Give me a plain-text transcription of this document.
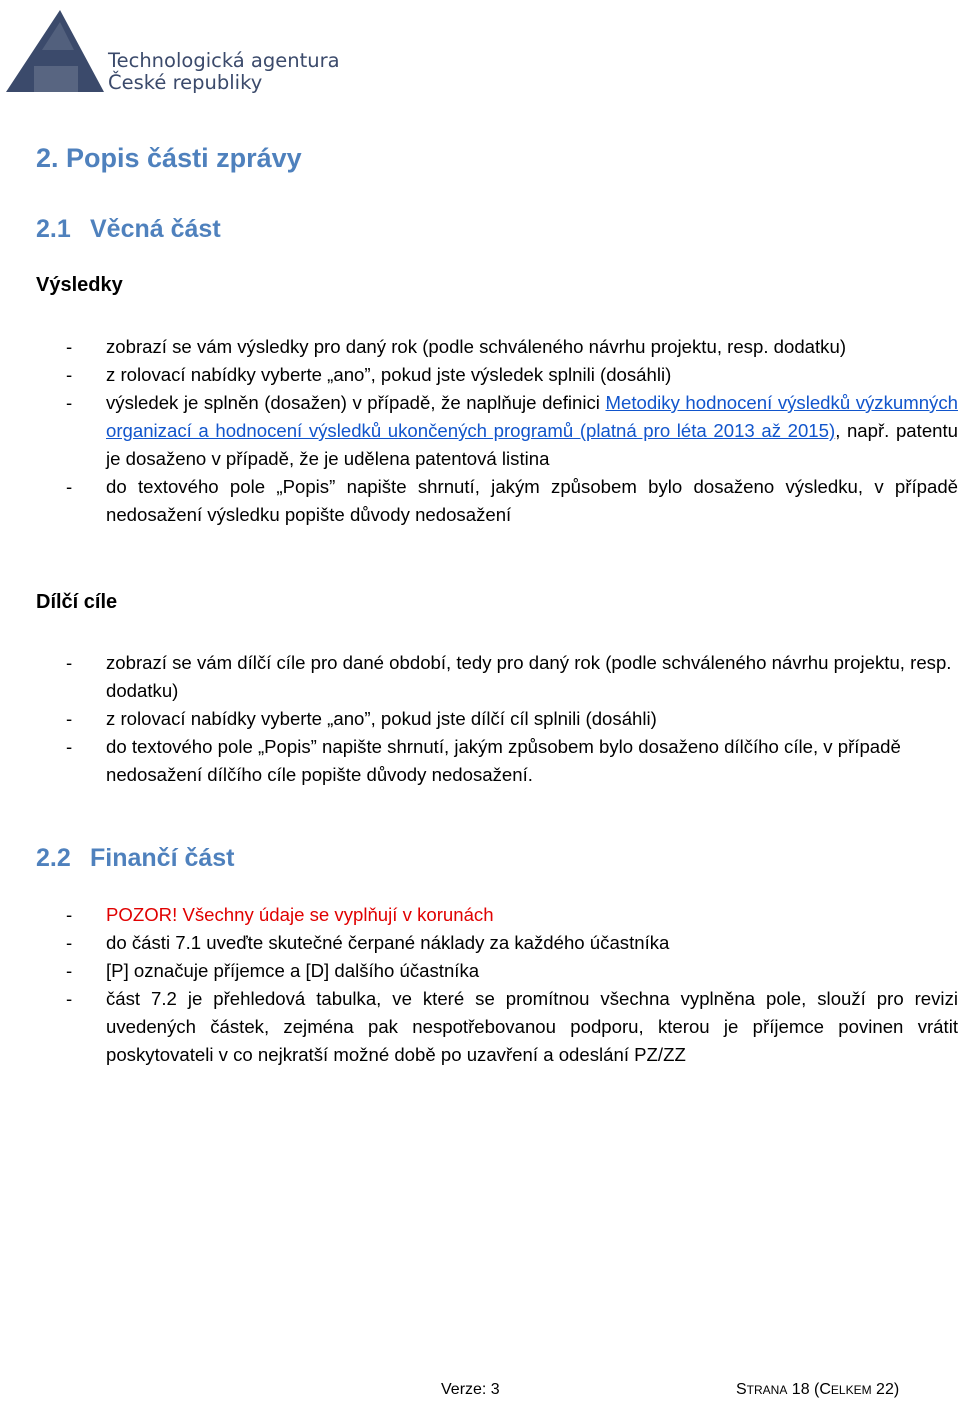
Technologická agentura
České republiky
2. Popis části zprávy
2.1 Věcná část
Výsledky
- zobrazí se vám výsledky pro daný rok (podle schváleného návrhu projektu, resp. dodatku)
- z rolovací nabídky vyberte „ano”, pokud jste výsledek splnili (dosáhli)
- výsledek je splněn (dosažen) v případě, že naplňuje definici Metodiky hodnocení výsledků výzkumných organizací a hodnocení výsledků ukončených programů (platná pro léta 2013 až 2015), např. patentu je dosaženo v případě, že je udělena patentová listina
- do textového pole „Popis” napište shrnutí, jakým způsobem bylo dosaženo výsledku, v případě nedosažení výsledku popište důvody nedosažení
Dílčí cíle
- zobrazí se vám dílčí cíle pro dané období, tedy pro daný rok (podle schváleného návrhu projektu, resp. dodatku)
- z rolovací nabídky vyberte „ano”, pokud jste dílčí cíl splnili (dosáhli)
- do textového pole „Popis” napište shrnutí, jakým způsobem bylo dosaženo dílčího cíle, v případě nedosažení dílčího cíle popište důvody nedosažení.
2.2 Finančí část
- POZOR! Všechny údaje se vyplňují v korunách
- do části 7.1 uveďte skutečné čerpané náklady za každého účastníka
- [P] označuje příjemce a [D] dalšího účastníka
- část 7.2 je přehledová tabulka, ve které se promítnou všechna vyplněna pole, slouží pro revizi uvedených částek, zejména pak nespotřebovanou podporu, kterou je příjemce povinen vrátit poskytovateli v co nejkratší možné době po uzavření a odeslání PZ/ZZ
Verze: 3	STRANA 18 (CELKEM 22)
